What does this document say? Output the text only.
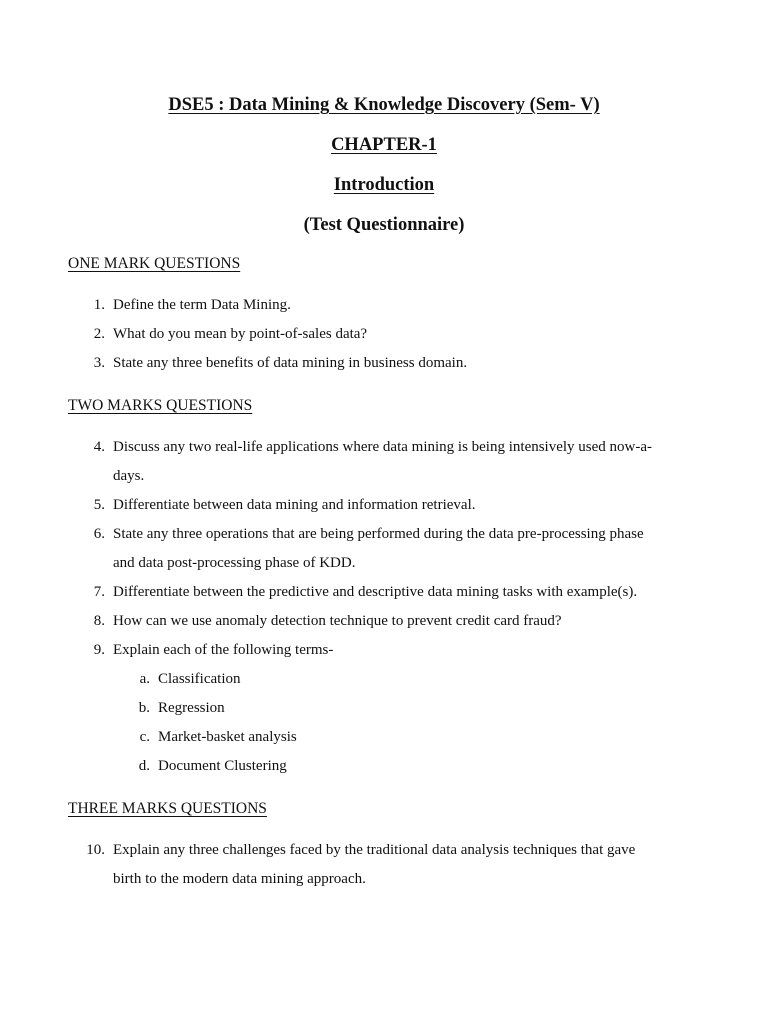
DSE5 : Data Mining & Knowledge Discovery (Sem- V)
CHAPTER-1
Introduction
(Test Questionnaire)
ONE MARK QUESTIONS
1. Define the term Data Mining.
2. What do you mean by point-of-sales data?
3. State any three benefits of data mining in business domain.
TWO MARKS QUESTIONS
4. Discuss any two real-life applications where data mining is being intensively used now-a-
days.
5. Differentiate between data mining and information retrieval.
6. State any three operations that are being performed during the data pre-processing phase
and data post-processing phase of KDD.
7. Differentiate between the predictive and descriptive data mining tasks with example(s).
8. How can we use anomaly detection technique to prevent credit card fraud?
9. Explain each of the following terms-
a. Classification
b. Regression
c. Market-basket analysis
d. Document Clustering
THREE MARKS QUESTIONS
10. Explain any three challenges faced by the traditional data analysis techniques that gave
birth to the modern data mining approach.
